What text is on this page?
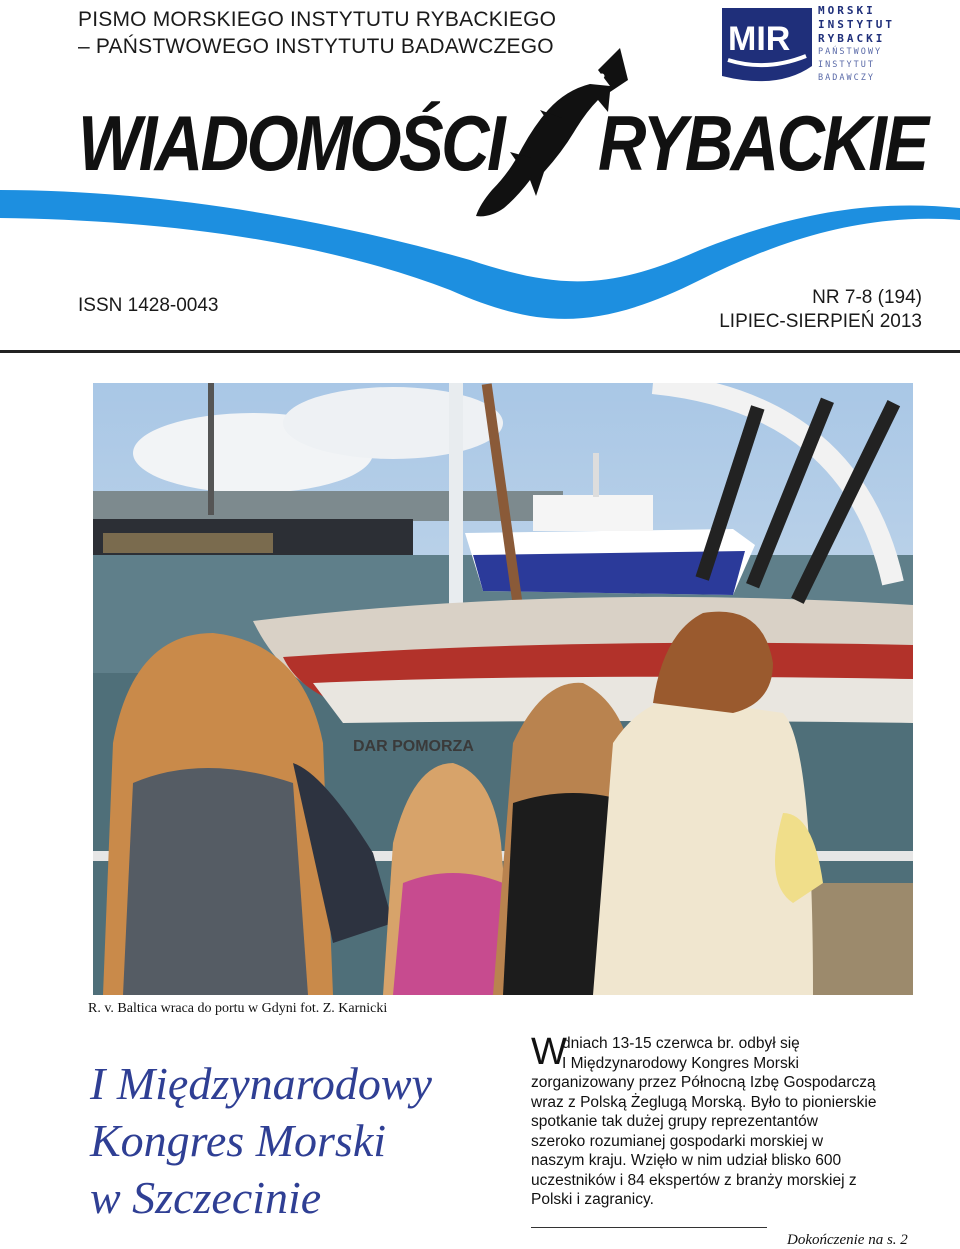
PISMO MORSKIEGO INSTYTUTU RYBACKIEGO
– PAŃSTWOWEGO INSTYTUTU BADAWCZEGO	MIR
MORSKI
INSTYTUT
RYBACKI
PAŃSTWOWY
INSTYTUT
BADAWCZY
WIADOMOŚCI RYBACKIE
ISSN 1428-0043	NR 7-8 (194)
LIPIEC-SIERPIEŃ 2013
DAR POMORZA
R. v. Baltica wraca do portu w Gdyni fot. Z. Karnicki
I Międzynarodowy
Kongres Morski
w Szczecinie
W
dniach 13-15 czerwca br. odbył się
I Międzynarodowy Kongres Morski
zorganizowany przez Północną Izbę Gospodarczą
wraz z Polską Żeglugą Morską. Było to pionierskie
spotkanie tak dużej grupy reprezentantów
szeroko rozumianej gospodarki morskiej w
naszym kraju. Wzięło w nim udział blisko 600
uczestników i 84 ekspertów z branży morskiej z
Polski i zagranicy.
Dokończenie na s. 2
